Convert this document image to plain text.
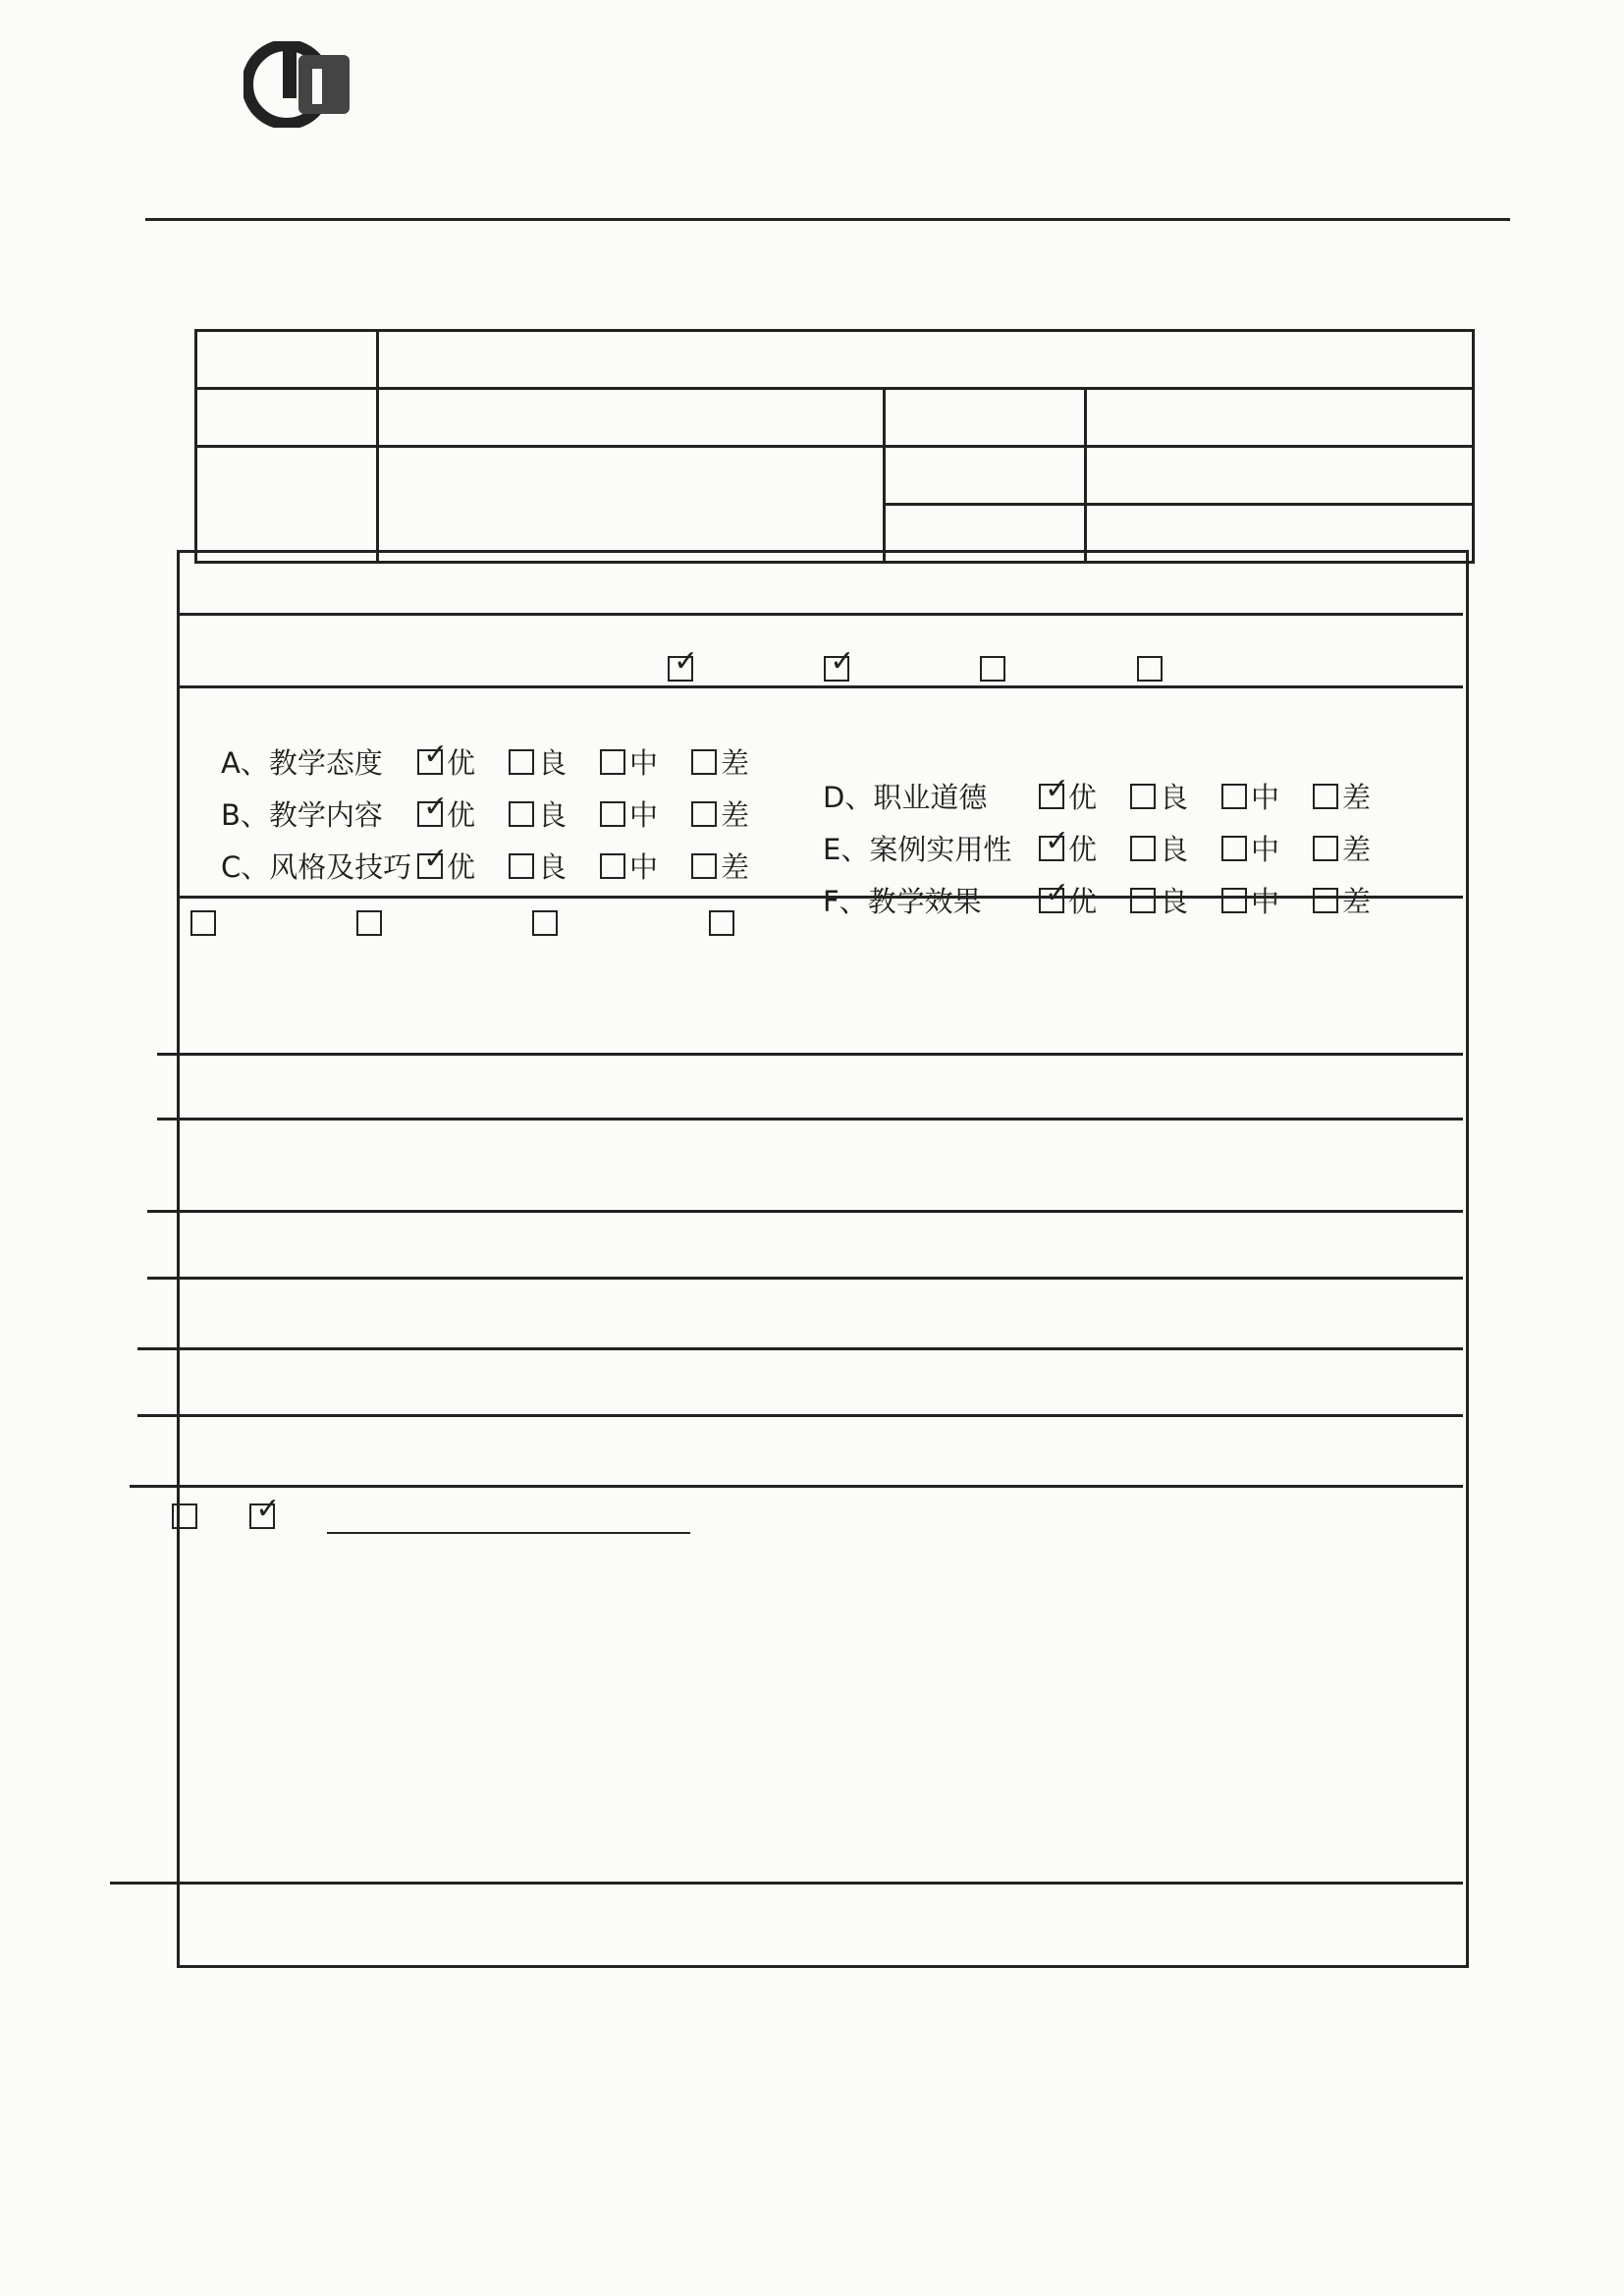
✓ ✓
A、教学态度 ✓ 优 良 中 差
B、教学内容 ✓ 优 良 中 差
C、风格及技巧 ✓ 优 良 中 差
D、职业道德 ✓	优 良 中 差
E、案例实用性 ✓ 优 良 中 差
F、教学效果 ✓	优 良 中 差

✓
